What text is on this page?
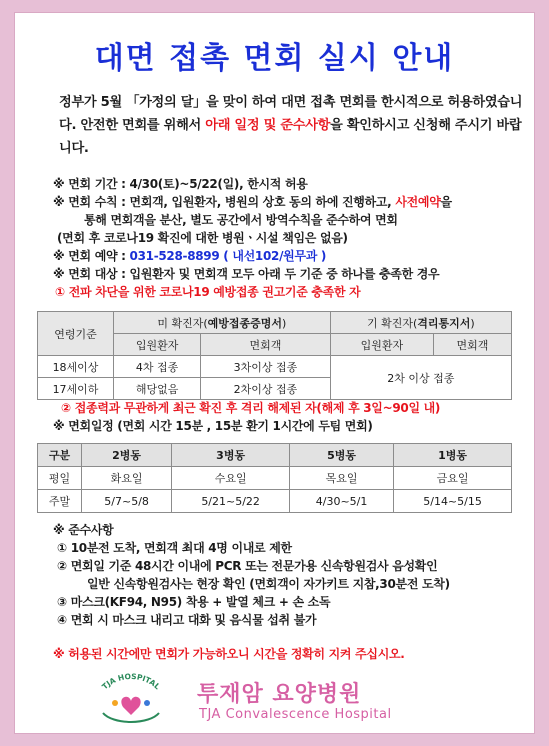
대면 접촉 면회 실시 안내
정부가 5월 「가정의 달」을 맞이 하여 대면 접촉 면회를 한시적으로 허용하였습니다. 안전한 면회를 위해서 아래 일정 및 준수사항을 확인하시고 신청해 주시기 바랍니다.

※ 면회 기간 : 4/30(토)~5/22(일), 한시적 허용

※ 면회 수칙 : 면회객, 입원환자, 병원의 상호 동의 하에 진행하고, 사전예약을

통해 면회객을 분산, 별도 공간에서 방역수칙을 준수하여 면회

(면회 후 코로나19 확진에 대한 병원ㆍ시설 책임은 없음)

※ 면회 예약 : 031-528-8899 ( 내선102/원무과 )

※ 면회 대상 : 입원환자 및 면회객 모두 아래 두 기준 중 하나를 충족한 경우

① 전파 차단을 위한 코로나19 예방접종 권고기준 충족한 자

연령기준	미 확진자(예방접종증명서)		기 확진자(격리통지서)	
	입원환자	면회객	입원환자	면회객
18세이상	4차 접종	3차이상 접종	2차 이상 접종	
17세이하	해당없음	2차이상 접종		

② 접종력과 무관하게 최근 확진 후 격리 해제된 자(해제 후 3일~90일 내)

※ 면회일정 (면회 시간 15분 , 15분 환기 1시간에 두팀 면회)

구분	2병동	3병동	5병동	1병동
평일	화요일	수요일	목요일	금요일
주말	5/7~5/8	5/21~5/22	4/30~5/1	5/14~5/15

※ 준수사항

① 10분전 도착, 면회객 최대 4명 이내로 제한

② 면회일 기준 48시간 이내에 PCR 또는 전문가용 신속항원검사 음성확인

일반 신속항원검사는 현장 확인 (면회객이 자가키트 지참,30분전 도착)

③ 마스크(KF94, N95) 착용 + 발열 체크 + 손 소독

④ 면회 시 마스크 내리고 대화 및 음식물 섭취 불가

※ 허용된 시간에만 면회가 가능하오니 시간을 정확히 지켜 주십시오.

TJA HOSPITAL 투재암 요양병원
TJA Convalescence Hospital
